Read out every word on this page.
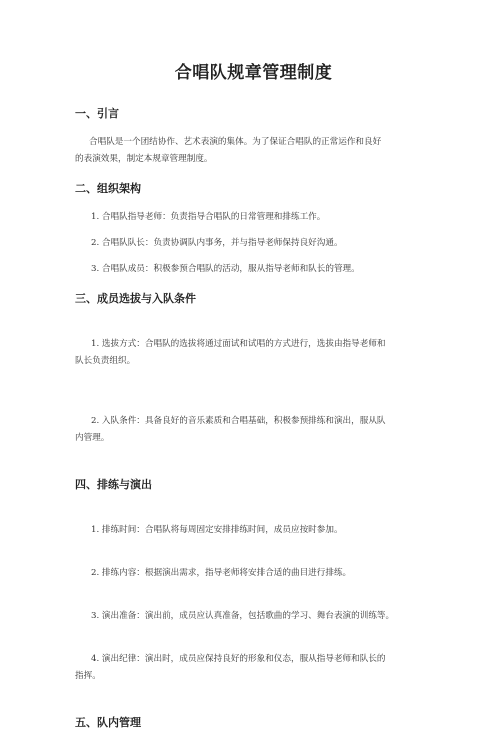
合唱队规章管理制度
一、引言
合唱队是一个团结协作、艺术表演的集体。为了保证合唱队的正常运作和良好
的表演效果，制定本规章管理制度。
二、组织架构
1. 合唱队指导老师：负责指导合唱队的日常管理和排练工作。
2. 合唱队队长：负责协调队内事务，并与指导老师保持良好沟通。
3. 合唱队成员：积极参预合唱队的活动，服从指导老师和队长的管理。
三、成员选拔与入队条件

1. 选拔方式：合唱队的选拔将通过面试和试唱的方式进行，选拔由指导老师和

队长负责组织。

2. 入队条件：具备良好的音乐素质和合唱基础，积极参预排练和演出，服从队

内管理。

四、排练与演出

1. 排练时间：合唱队将每周固定安排排练时间，成员应按时参加。

2. 排练内容：根据演出需求，指导老师将安排合适的曲目进行排练。

3. 演出准备：演出前，成员应认真准备，包括歌曲的学习、舞台表演的训练等。

4. 演出纪律：演出时，成员应保持良好的形象和仪态，服从指导老师和队长的

指挥。

五、队内管理
